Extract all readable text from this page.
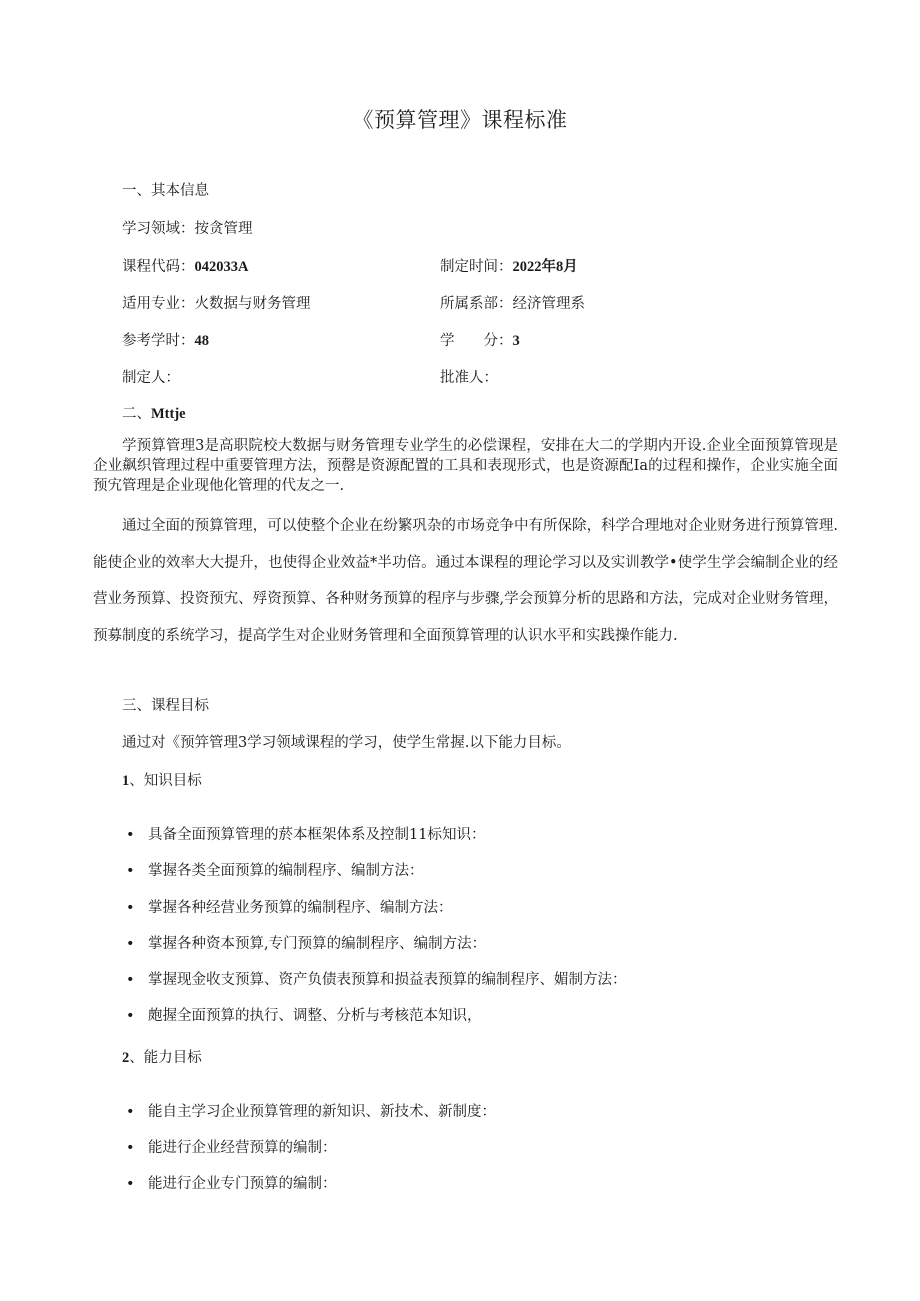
《预算管理》课程标准
一、其本信息
学习领域：按贪管理
课程代码：042033A	制定时间：2022年8月
适用专业：火数据与财务管理	所属系部：经济管理系
参考学时：48	学　　分：3
制定人：	批准人：
二、Mttje
学预算管理3是高职院校大数据与财务管理专业学生的必偿课程，安排在大二的学期内开设.企业全面预算管现是企业飙织管理过程中重要管理方法，预罄是资源配置的工具和表现形式，也是资源配Ia的过程和操作，企业实施全面预宄管理是企业现他化管理的代友之一.
通过全面的预算管理，可以使整个企业在纷繁巩杂的市场竞争中有所保除，科学合理地对企业财务进行预算管理.能使企业的效率大大提升，也使得企业效益*半功倍。通过本课程的理论学习以及实训教学•使学生学会编制企业的经营业务预算、投资预宄、殍资预算、各种财务预算的程序与步骤,学会预算分析的思路和方法，完成对企业财务管理，预募制度的系统学习，提高学生对企业财务管理和全面预算管理的认识水平和实践操作能力.
三、课程目标
通过对《预笄管理3学习领域课程的学习，使学生常握.以下能力目标。
1、知识目标
• 具备全面预算管理的菸本框架体系及控制11标知识：
• 掌握各类全面预算的编制程序、编制方法：
• 掌握各种经营业务预算的编制程序、编制方法：
• 掌握各种资本预算,专门预算的编制程序、编制方法：
• 掌握现金收支预算、资产负债表预算和损益表预算的编制程序、媚制方法：
• 皰握全面预算的执行、调整、分析与考核范本知识，
2、能力目标
• 能自主学习企业预算管理的新知识、新技术、新制度：
• 能进行企业经营预算的编制：
• 能进行企业专门预算的编制：
